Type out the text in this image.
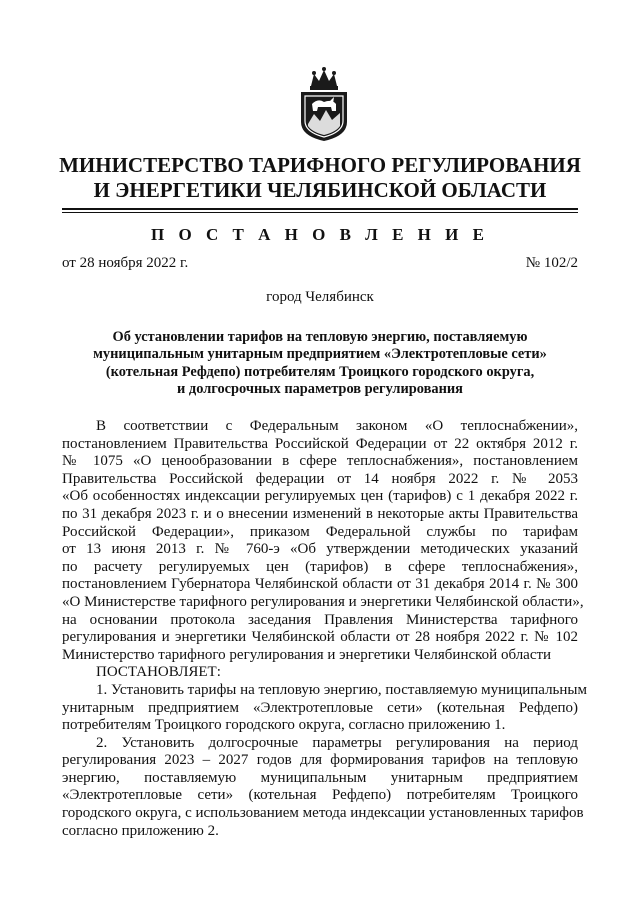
МИНИСТЕРСТВО ТАРИФНОГО РЕГУЛИРОВАНИЯ
И ЭНЕРГЕТИКИ ЧЕЛЯБИНСКОЙ ОБЛАСТИ
П О С Т А Н О В Л Е Н И Е
от 28 ноября 2022 г.	№ 102/2
город Челябинск
Об установлении тарифов на тепловую энергию, поставляемую
муниципальным унитарным предприятием «Электротепловые сети»
(котельная Рефдепо) потребителям Троицкого городского округа,
и долгосрочных параметров регулирования
В соответствии с Федеральным законом «О теплоснабжении»,
постановлением Правительства Российской Федерации от 22 октября 2012 г.
№ 1075 «О ценообразовании в сфере теплоснабжения», постановлением
Правительства Российской федерации от 14 ноября 2022 г. № 2053
«Об особенностях индексации регулируемых цен (тарифов) с 1 декабря 2022 г.
по 31 декабря 2023 г. и о внесении изменений в некоторые акты Правительства
Российской Федерации», приказом Федеральной службы по тарифам
от 13 июня 2013 г. № 760-э «Об утверждении методических указаний
по расчету регулируемых цен (тарифов) в сфере теплоснабжения»,
постановлением Губернатора Челябинской области от 31 декабря 2014 г. № 300
«О Министерстве тарифного регулирования и энергетики Челябинской области»,
на основании протокола заседания Правления Министерства тарифного
регулирования и энергетики Челябинской области от 28 ноября 2022 г. № 102
Министерство тарифного регулирования и энергетики Челябинской области
ПОСТАНОВЛЯЕТ:
1. Установить тарифы на тепловую энергию, поставляемую муниципальным
унитарным предприятием «Электротепловые сети» (котельная Рефдепо)
потребителям Троицкого городского округа, согласно приложению 1.
2. Установить долгосрочные параметры регулирования на период
регулирования 2023 – 2027 годов для формирования тарифов на тепловую
энергию, поставляемую муниципальным унитарным предприятием
«Электротепловые сети» (котельная Рефдепо) потребителям Троицкого
городского округа, с использованием метода индексации установленных тарифов
согласно приложению 2.
